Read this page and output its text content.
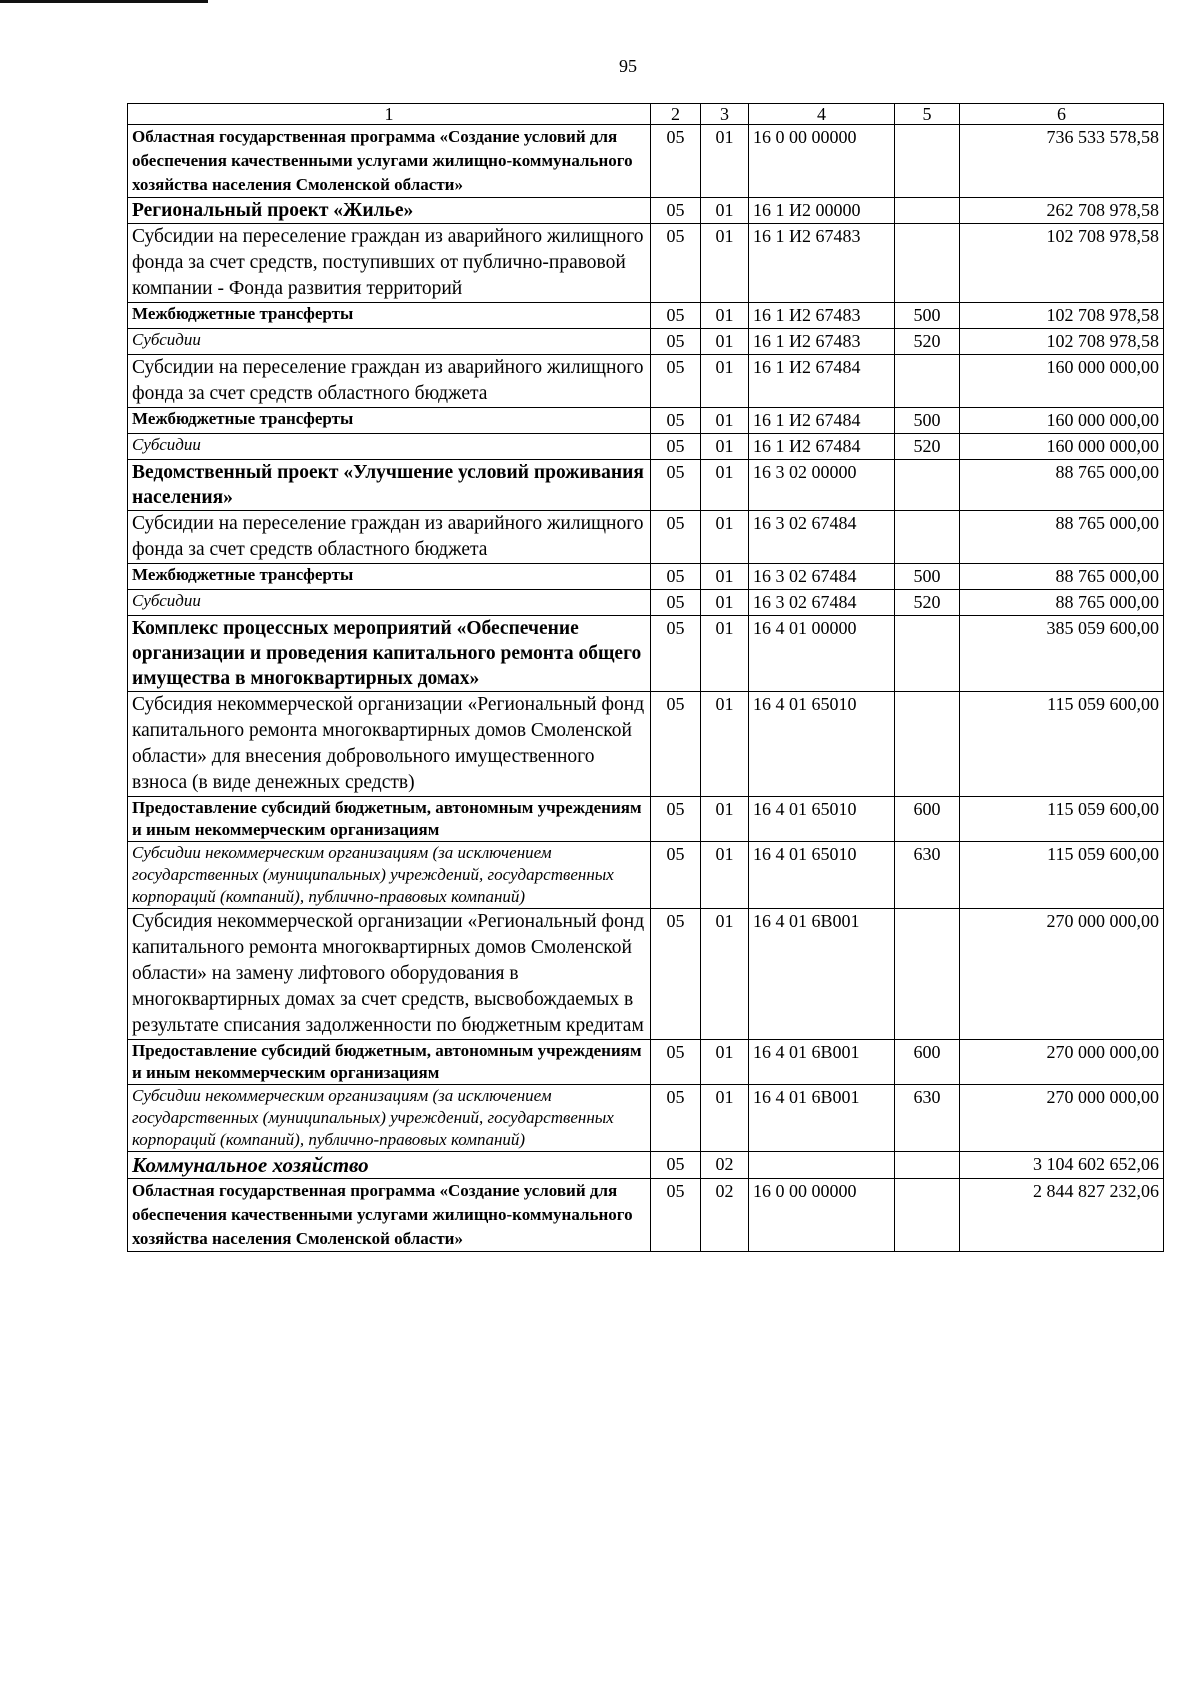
95
1	2	3	4	5	6
Областная государственная программа «Создание условий для обеспечения качественными услугами жилищно-коммунального хозяйства населения Смоленской области»	05	01	16 0 00 00000		736 533 578,58
Региональный проект «Жилье»	05	01	16 1 И2 00000		262 708 978,58
Субсидии на переселение граждан из аварийного жилищного фонда за счет средств, поступивших от публично-правовой компании - Фонда развития территорий	05	01	16 1 И2 67483		102 708 978,58
Межбюджетные трансферты	05	01	16 1 И2 67483	500	102 708 978,58
Субсидии	05	01	16 1 И2 67483	520	102 708 978,58
Субсидии на переселение граждан из аварийного жилищного фонда за счет средств областного бюджета	05	01	16 1 И2 67484		160 000 000,00
Межбюджетные трансферты	05	01	16 1 И2 67484	500	160 000 000,00
Субсидии	05	01	16 1 И2 67484	520	160 000 000,00
Ведомственный проект «Улучшение условий проживания населения»	05	01	16 3 02 00000		88 765 000,00
Субсидии на переселение граждан из аварийного жилищного фонда за счет средств областного бюджета	05	01	16 3 02 67484		88 765 000,00
Межбюджетные трансферты	05	01	16 3 02 67484	500	88 765 000,00
Субсидии	05	01	16 3 02 67484	520	88 765 000,00
Комплекс процессных мероприятий «Обеспечение организации и проведения капитального ремонта общего имущества в многоквартирных домах»	05	01	16 4 01 00000		385 059 600,00
Субсидия некоммерческой организации «Региональный фонд капитального ремонта многоквартирных домов Смоленской области» для внесения добровольного имущественного взноса (в виде денежных средств)	05	01	16 4 01 65010		115 059 600,00
Предоставление субсидий бюджетным, автономным учреждениям и иным некоммерческим организациям	05	01	16 4 01 65010	600	115 059 600,00
Субсидии некоммерческим организациям (за исключением государственных (муниципальных) учреждений, государственных корпораций (компаний), публично-правовых компаний)	05	01	16 4 01 65010	630	115 059 600,00
Субсидия некоммерческой организации «Региональный фонд капитального ремонта многоквартирных домов Смоленской области» на замену лифтового оборудования в многоквартирных домах за счет средств, высвобождаемых в результате списания задолженности по бюджетным кредитам	05	01	16 4 01 6В001		270 000 000,00
Предоставление субсидий бюджетным, автономным учреждениям и иным некоммерческим организациям	05	01	16 4 01 6В001	600	270 000 000,00
Субсидии некоммерческим организациям (за исключением государственных (муниципальных) учреждений, государственных корпораций (компаний), публично-правовых компаний)	05	01	16 4 01 6В001	630	270 000 000,00
Коммунальное хозяйство	05	02			3 104 602 652,06
Областная государственная программа «Создание условий для обеспечения качественными услугами жилищно-коммунального хозяйства населения Смоленской области»	05	02	16 0 00 00000		2 844 827 232,06
